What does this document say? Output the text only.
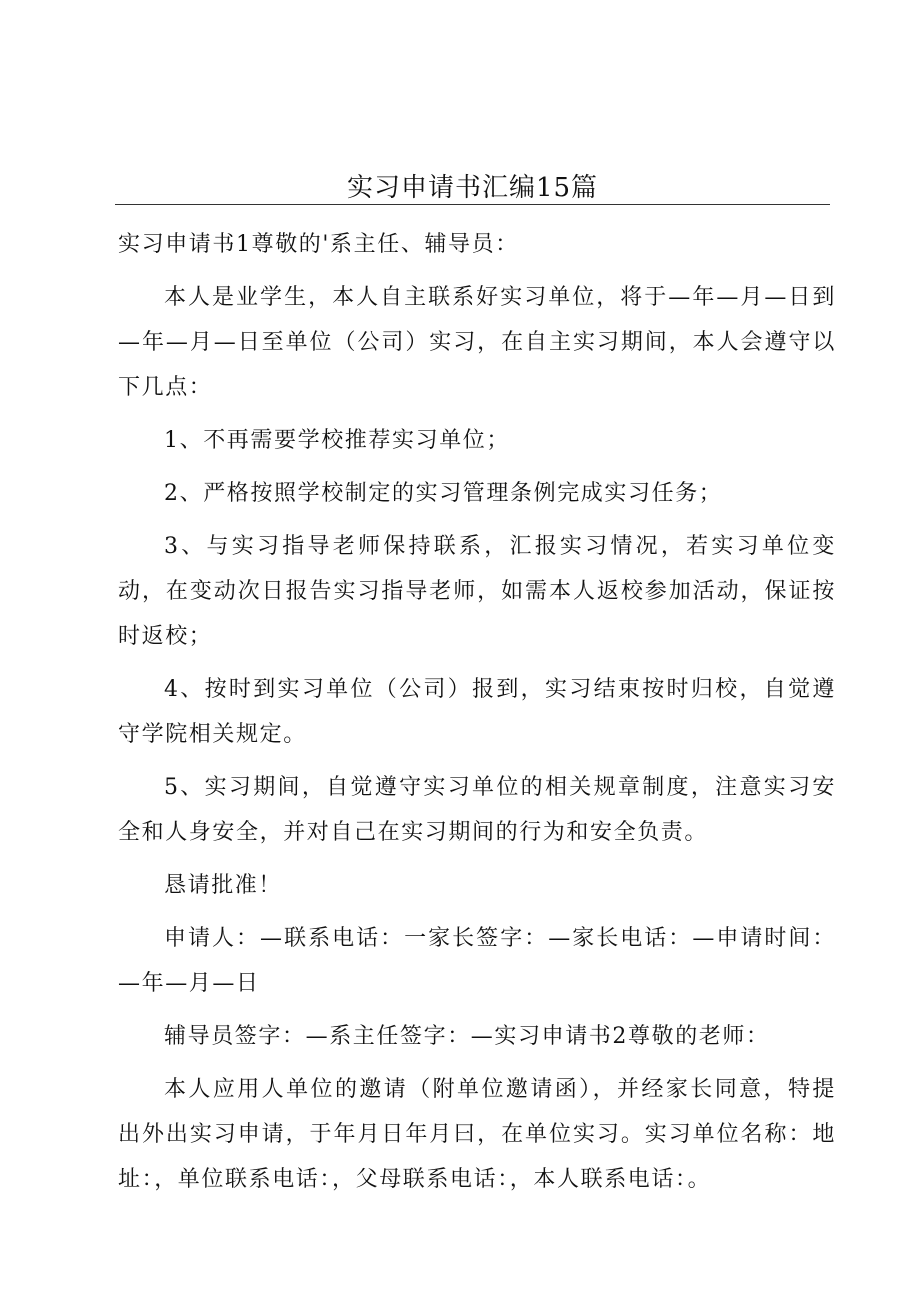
实习申请书汇编15篇

实习申请书1尊敬的'系主任、辅导员：

本人是业学生，本人自主联系好实习单位，将于—年—月—日到—年—月—日至单位（公司）实习，在自主实习期间，本人会遵守以下几点：

1、不再需要学校推荐实习单位；

2、严格按照学校制定的实习管理条例完成实习任务；

3、与实习指导老师保持联系，汇报实习情况，若实习单位变动，在变动次日报告实习指导老师，如需本人返校参加活动，保证按时返校；

4、按时到实习单位（公司）报到，实习结束按时归校，自觉遵守学院相关规定。

5、实习期间，自觉遵守实习单位的相关规章制度，注意实习安全和人身安全，并对自己在实习期间的行为和安全负责。

恳请批准！

申请人：—联系电话：一家长签字：—家长电话：—申请时间：—年—月—日

辅导员签字：—系主任签字：—实习申请书2尊敬的老师：

本人应用人单位的邀请（附单位邀请函），并经家长同意，特提出外出实习申请，于年月日年月曰，在单位实习。实习单位名称：地址：，单位联系电话：，父母联系电话：，本人联系电话：。
